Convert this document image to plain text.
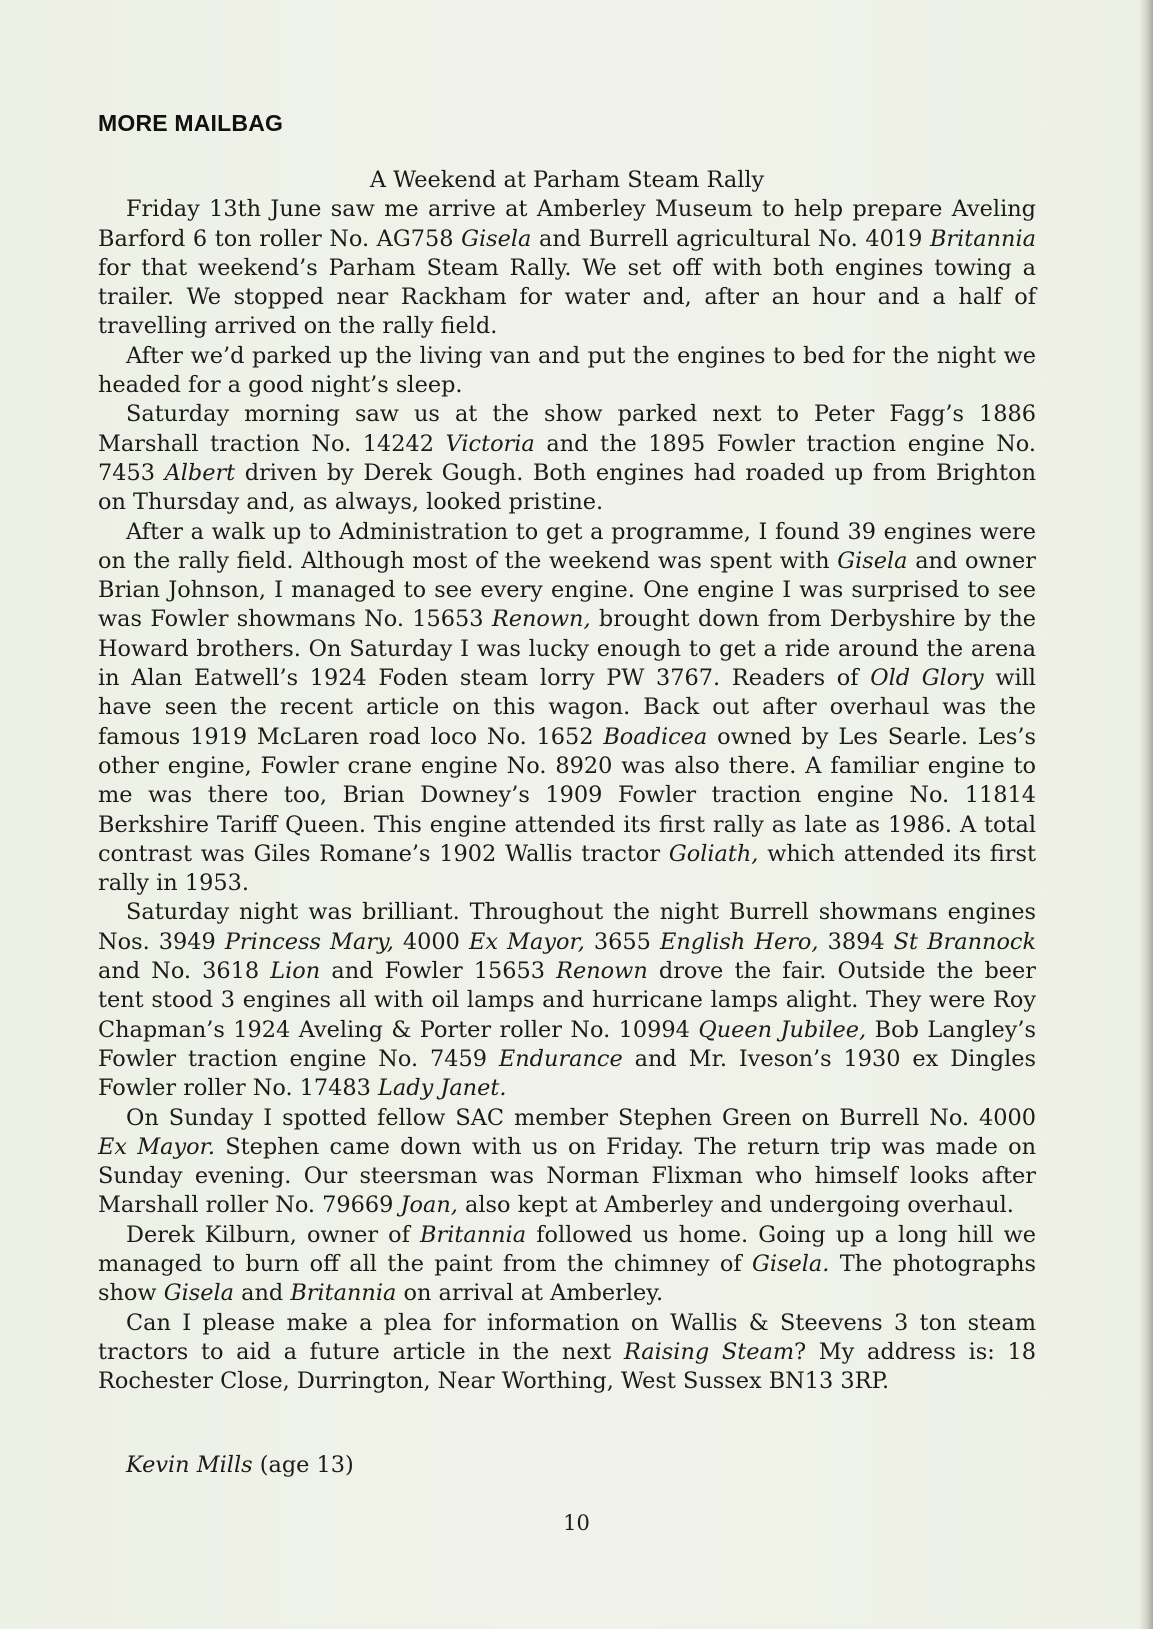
MORE MAILBAG

A Weekend at Parham Steam Rally

Friday 13th June saw me arrive at Amberley Museum to help prepare Aveling Barford 6 ton roller No. AG758 Gisela and Burrell agricultural No. 4019 Britannia for that weekend’s Parham Steam Rally. We set off with both engines towing a trailer. We stopped near Rackham for water and, after an hour and a half of travelling arrived on the rally field.

After we’d parked up the living van and put the engines to bed for the night we headed for a good night’s sleep.

Saturday morning saw us at the show parked next to Peter Fagg’s 1886 Marshall traction No. 14242 Victoria and the 1895 Fowler traction engine No. 7453 Albert driven by Derek Gough. Both engines had roaded up from Brighton on Thursday and, as always, looked pristine.

After a walk up to Administration to get a programme, I found 39 engines were on the rally field. Although most of the weekend was spent with Gisela and owner Brian Johnson, I managed to see every engine. One engine I was surprised to see was Fowler showmans No. 15653 Renown, brought down from Derbyshire by the Howard brothers. On Saturday I was lucky enough to get a ride around the arena in Alan Eatwell’s 1924 Foden steam lorry PW 3767. Readers of Old Glory will have seen the recent article on this wagon. Back out after overhaul was the famous 1919 McLaren road loco No. 1652 Boadicea owned by Les Searle. Les’s other engine, Fowler crane engine No. 8920 was also there. A familiar engine to me was there too, Brian Downey’s 1909 Fowler traction engine No. 11814 Berkshire Tariff Queen. This engine attended its first rally as late as 1986. A total contrast was Giles Romane’s 1902 Wallis tractor Goliath, which attended its first rally in 1953.

Saturday night was brilliant. Throughout the night Burrell showmans engines Nos. 3949 Princess Mary, 4000 Ex Mayor, 3655 English Hero, 3894 St Brannock and No. 3618 Lion and Fowler 15653 Renown drove the fair. Outside the beer tent stood 3 engines all with oil lamps and hurricane lamps alight. They were Roy Chapman’s 1924 Aveling & Porter roller No. 10994 Queen Jubilee, Bob Langley’s Fowler traction engine No. 7459 Endurance and Mr. Iveson’s 1930 ex Dingles Fowler roller No. 17483 Lady Janet.

On Sunday I spotted fellow SAC member Stephen Green on Burrell No. 4000 Ex Mayor. Stephen came down with us on Friday. The return trip was made on Sunday evening. Our steersman was Norman Flixman who himself looks after Marshall roller No. 79669 Joan, also kept at Amberley and undergoing overhaul.

Derek Kilburn, owner of Britannia followed us home. Going up a long hill we managed to burn off all the paint from the chimney of Gisela. The photographs show Gisela and Britannia on arrival at Amberley.

Can I please make a plea for information on Wallis & Steevens 3 ton steam tractors to aid a future article in the next Raising Steam? My address is: 18 Rochester Close, Durrington, Near Worthing, West Sussex BN13 3RP.

Kevin Mills (age 13)

10
